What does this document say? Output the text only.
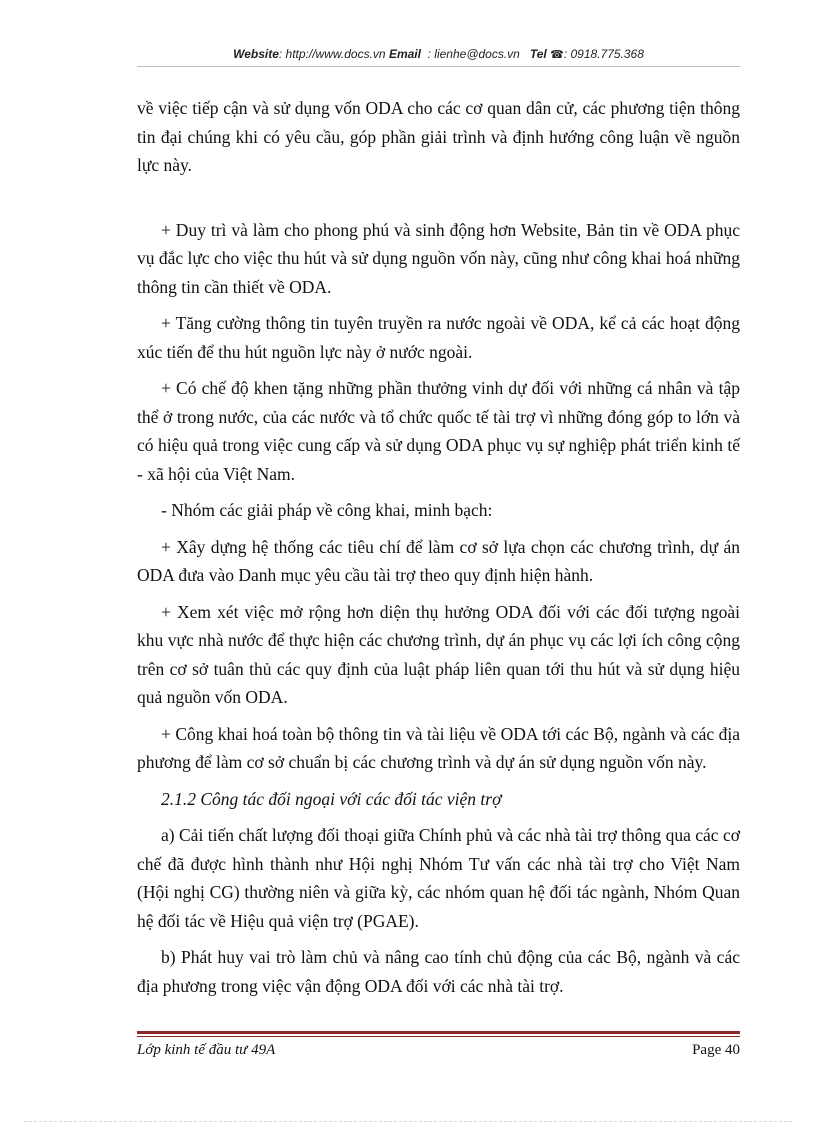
Website: http://www.docs.vn Email : lienhe@docs.vn Tel ☎: 0918.775.368

về việc tiếp cận và sử dụng vốn ODA cho các cơ quan dân cử, các phương tiện thông tin đại chúng khi có yêu cầu, góp phần giải trình và định hướng công luận về nguồn lực này.

+ Duy trì và làm cho phong phú và sinh động hơn Website, Bản tin về ODA phục vụ đắc lực cho việc thu hút và sử dụng nguồn vốn này, cũng như công khai hoá những thông tin cần thiết về ODA.

+ Tăng cường thông tin tuyên truyền ra nước ngoài về ODA, kể cả các hoạt động xúc tiến để thu hút nguồn lực này ở nước ngoài.

+ Có chế độ khen tặng những phần thưởng vinh dự đối với những cá nhân và tập thể ở trong nước, của các nước và tổ chức quốc tế tài trợ vì những đóng góp to lớn và có hiệu quả trong việc cung cấp và sử dụng ODA phục vụ sự nghiệp phát triển kinh tế - xã hội của Việt Nam.

- Nhóm các giải pháp về công khai, minh bạch:

+ Xây dựng hệ thống các tiêu chí để làm cơ sở lựa chọn các chương trình, dự án ODA đưa vào Danh mục yêu cầu tài trợ theo quy định hiện hành.

+ Xem xét việc mở rộng hơn diện thụ hưởng ODA đối với các đối tượng ngoài khu vực nhà nước để thực hiện các chương trình, dự án phục vụ các lợi ích công cộng trên cơ sở tuân thủ các quy định của luật pháp liên quan tới thu hút và sử dụng hiệu quả nguồn vốn ODA.

+ Công khai hoá toàn bộ thông tin và tài liệu về ODA tới các Bộ, ngành và các địa phương để làm cơ sở chuẩn bị các chương trình và dự án sử dụng nguồn vốn này.

2.1.2 Công tác đối ngoại với các đối tác viện trợ

a) Cải tiến chất lượng đối thoại giữa Chính phủ và các nhà tài trợ thông qua các cơ chế đã được hình thành như Hội nghị Nhóm Tư vấn các nhà tài trợ cho Việt Nam (Hội nghị CG) thường niên và giữa kỳ, các nhóm quan hệ đối tác ngành, Nhóm Quan hệ đối tác về Hiệu quả viện trợ (PGAE).

b) Phát huy vai trò làm chủ và nâng cao tính chủ động của các Bộ, ngành và các địa phương trong việc vận động ODA đối với các nhà tài trợ.

Lớp kinh tế đầu tư 49A	Page 40
